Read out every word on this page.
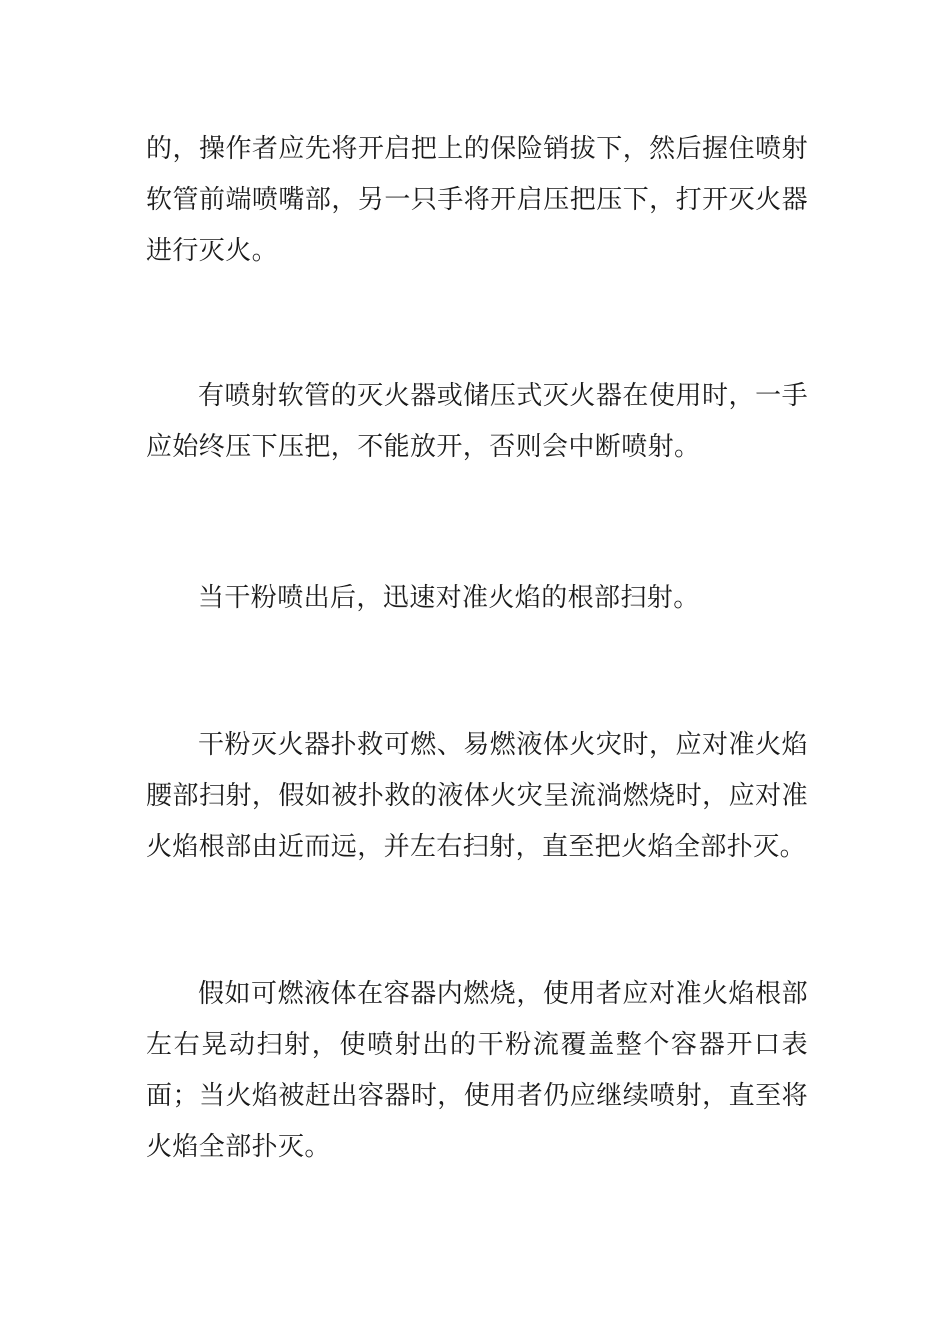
的，操作者应先将开启把上的保险销拔下，然后握住喷射软管前端喷嘴部，另一只手将开启压把压下，打开灭火器进行灭火。

有喷射软管的灭火器或储压式灭火器在使用时，一手应始终压下压把，不能放开，否则会中断喷射。

当干粉喷出后，迅速对准火焰的根部扫射。

干粉灭火器扑救可燃、易燃液体火灾时，应对准火焰腰部扫射，假如被扑救的液体火灾呈流淌燃烧时，应对准火焰根部由近而远，并左右扫射，直至把火焰全部扑灭。

假如可燃液体在容器内燃烧，使用者应对准火焰根部左右晃动扫射，使喷射出的干粉流覆盖整个容器开口表面；当火焰被赶出容器时，使用者仍应继续喷射，直至将火焰全部扑灭。
